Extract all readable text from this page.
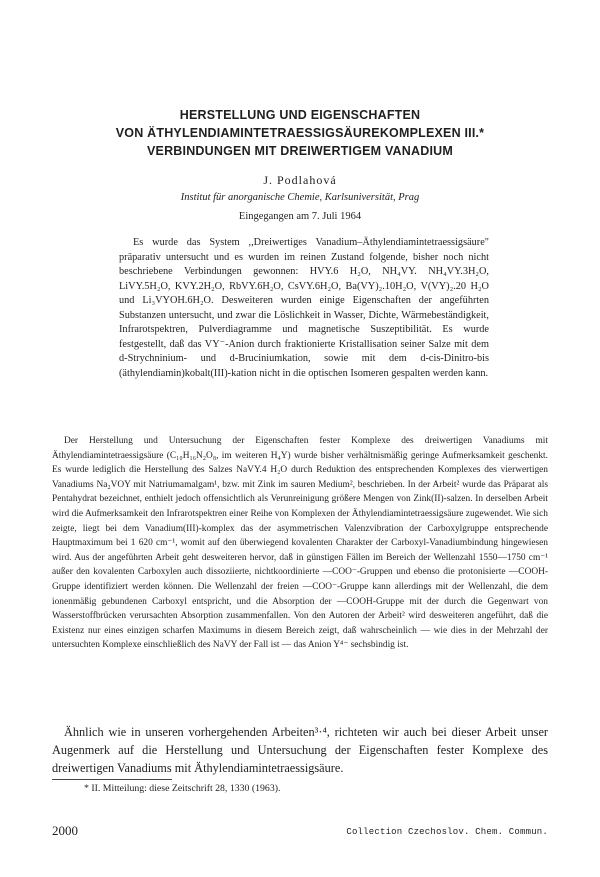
HERSTELLUNG UND EIGENSCHAFTEN
VON ÄTHYLENDIAMINTETRAESSIGSÄUREKOMPLEXEN III.*
VERBINDUNGEN MIT DREIWERTIGEM VANADIUM
J. Podlahová
Institut für anorganische Chemie, Karlsuniversität, Prag
Eingegangen am 7. Juli 1964
Es wurde das System ,,Dreiwertiges Vanadium–Äthylendiamintetraessigsäure" präparativ untersucht und es wurden im reinen Zustand folgende, bisher noch nicht beschriebene Verbindungen gewonnen: HVY.6 H₂O, NH₄VY. NH₄VY.3H₂O, LiVY.5H₂O, KVY.2H₂O, RbVY.6H₂O, CsVY.6H₂O, Ba(VY)₂.10H₂O, V(VY)₂.20 H₂O und Li₃VYOH.6H₂O. Desweiteren wurden einige Eigenschaften der angeführten Substanzen untersucht, und zwar die Löslichkeit in Wasser, Dichte, Wärmebeständigkeit, Infrarotspektren, Pulverdiagramme und magnetische Suszeptibilität. Es wurde festgestellt, daß das VY⁻-Anion durch fraktionierte Kristallisation seiner Salze mit dem d-Strychninium- und d-Bruciniumkation, sowie mit dem d-cis-Dinitro-bis (äthylendiamin)kobalt(III)-kation nicht in die optischen Isomeren gespalten werden kann.
Der Herstellung und Untersuchung der Eigenschaften fester Komplexe des dreiwertigen Vanadiums mit Äthylendiamintetraessigsäure (C₁₀H₁₆N₂O₈, im weiteren H₄Y) wurde bisher verhältnismäßig geringe Aufmerksamkeit geschenkt. Es wurde lediglich die Herstellung des Salzes NaVY.4 H₂O durch Reduktion des entsprechenden Komplexes des vierwertigen Vanadiums Na₂VOY mit Natriumamalgam¹, bzw. mit Zink im sauren Medium², beschrieben. In der Arbeit² wurde das Präparat als Pentahydrat bezeichnet, enthielt jedoch offensichtlich als Verunreinigung größere Mengen von Zink(II)-salzen. In derselben Arbeit wird die Aufmerksamkeit den Infrarotspektren einer Reihe von Komplexen der Äthylendiamintetraessigsäure zugewendet. Wie sich zeigte, liegt bei dem Vanadium(III)-komplex das der asymmetrischen Valenzvibration der Carboxylgruppe entsprechende Hauptmaximum bei 1 620 cm⁻¹, womit auf den überwiegend kovalenten Charakter der Carboxyl-Vanadiumbindung hingewiesen wird. Aus der angeführten Arbeit geht desweiteren hervor, daß in günstigen Fällen im Bereich der Wellenzahl 1550—1750 cm⁻¹ außer den kovalenten Carboxylen auch dissoziierte, nichtkoordinierte —COO⁻-Gruppen und ebenso die protonisierte —COOH-Gruppe identifiziert werden können. Die Wellenzahl der freien —COO⁻-Gruppe kann allerdings mit der Wellenzahl, die dem ionenmäßig gebundenen Carboxyl entspricht, und die Absorption der —COOH-Gruppe mit der durch die Gegenwart von Wasserstoffbrücken verursachten Absorption zusammenfallen. Von den Autoren der Arbeit² wird desweiteren angeführt, daß die Existenz nur eines einzigen scharfen Maximums in diesem Bereich zeigt, daß wahrscheinlich — wie dies in der Mehrzahl der untersuchten Komplexe einschließlich des NaVY der Fall ist — das Anion Y⁴⁻ sechsbindig ist.
Ähnlich wie in unseren vorhergehenden Arbeiten³·⁴, richteten wir auch bei dieser Arbeit unser Augenmerk auf die Herstellung und Untersuchung der Eigenschaften fester Komplexe des dreiwertigen Vanadiums mit Äthylendiamintetraessigsäure.
* II. Mitteilung: diese Zeitschrift 28, 1330 (1963).
2000	Collection Czechoslov. Chem. Commun.
